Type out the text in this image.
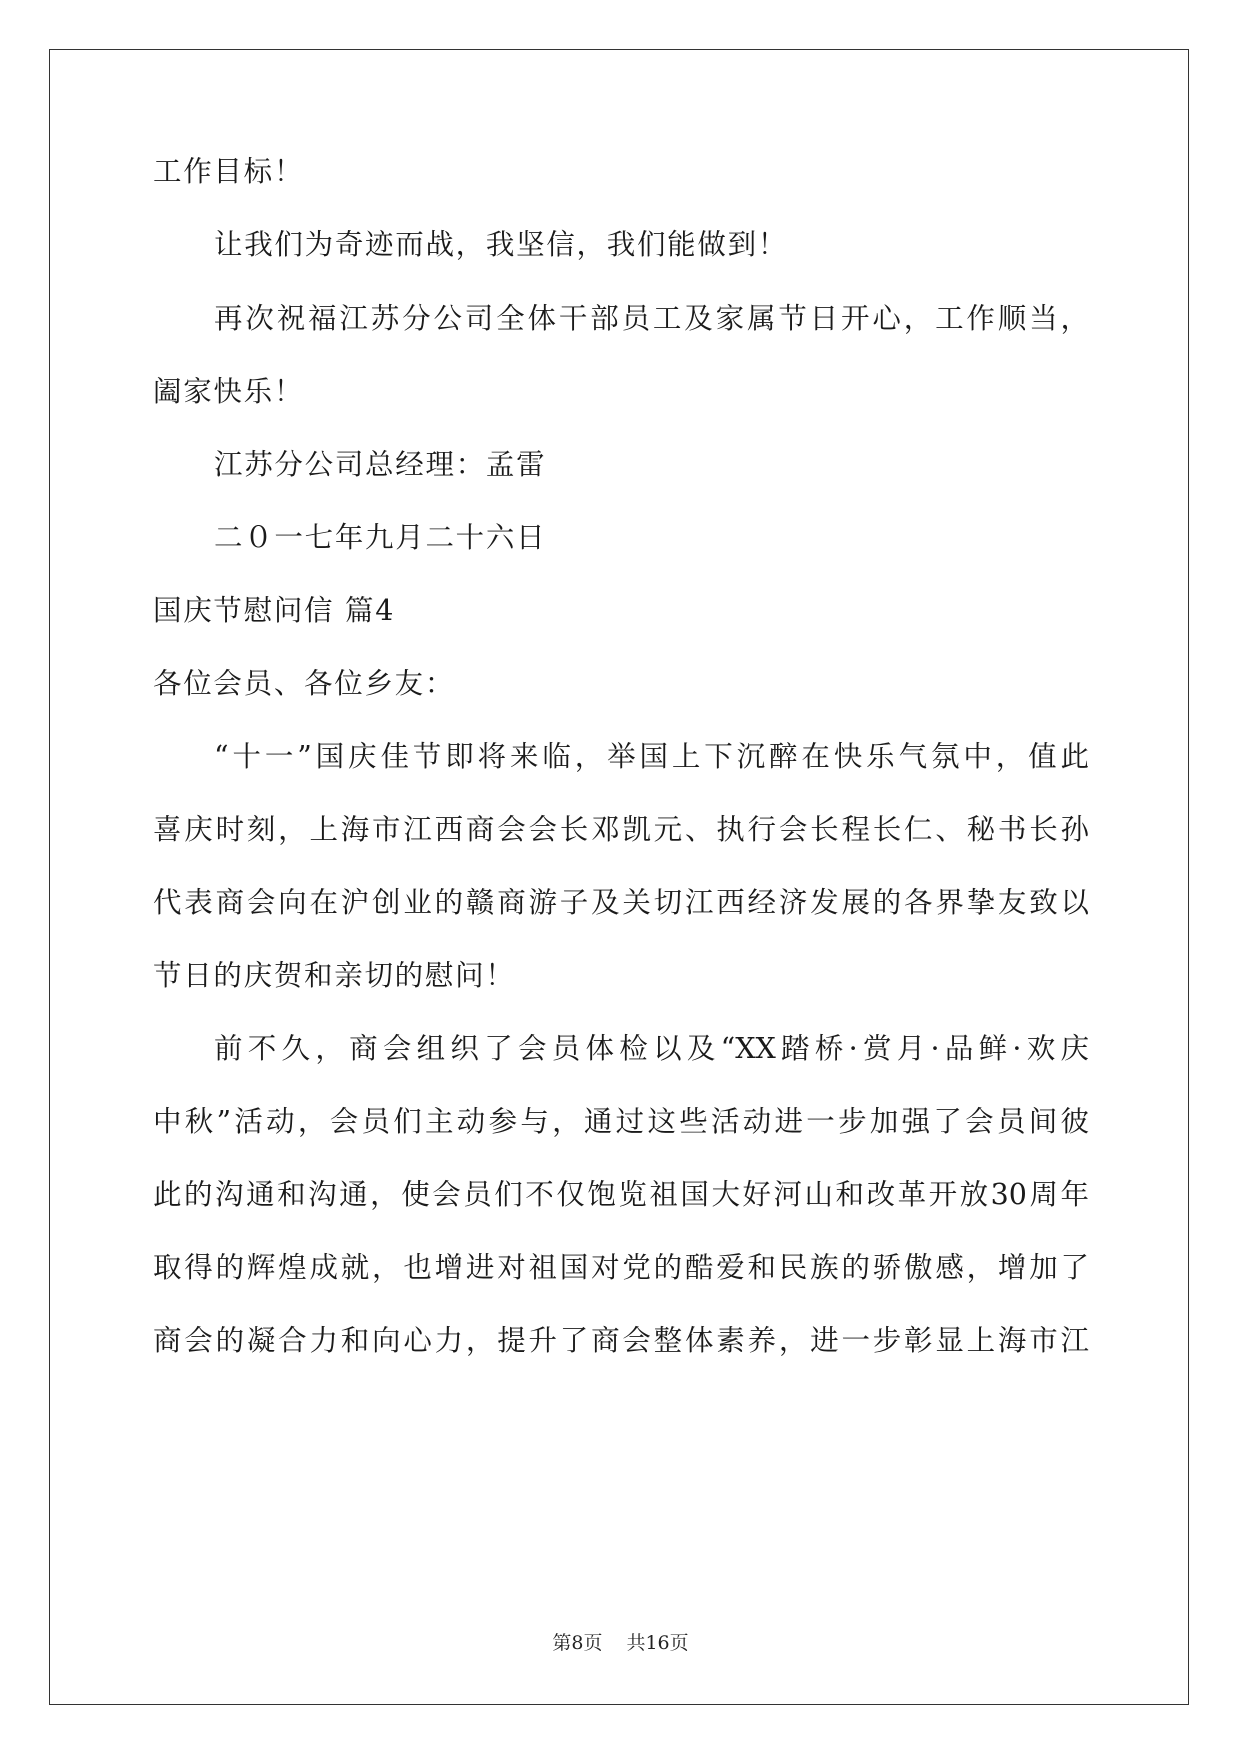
工作目标！
让我们为奇迹而战，我坚信，我们能做到！
再次祝福江苏分公司全体干部员工及家属节日开心，工作顺当，
阖家快乐！
江苏分公司总经理：孟雷
二０一七年九月二十六日
国庆节慰问信 篇4
各位会员、各位乡友：
“十一”国庆佳节即将来临，举国上下沉醉在快乐气氛中，值此
喜庆时刻，上海市江西商会会长邓凯元、执行会长程长仁、秘书长孙
代表商会向在沪创业的赣商游子及关切江西经济发展的各界挚友致以
节日的庆贺和亲切的慰问！
前不久，商会组织了会员体检以及“XX踏桥·赏月·品鲜·欢庆
中秋”活动，会员们主动参与，通过这些活动进一步加强了会员间彼
此的沟通和沟通，使会员们不仅饱览祖国大好河山和改革开放30周年
取得的辉煌成就，也增进对祖国对党的酷爱和民族的骄傲感，增加了
商会的凝合力和向心力，提升了商会整体素养，进一步彰显上海市江
第8页 共16页
